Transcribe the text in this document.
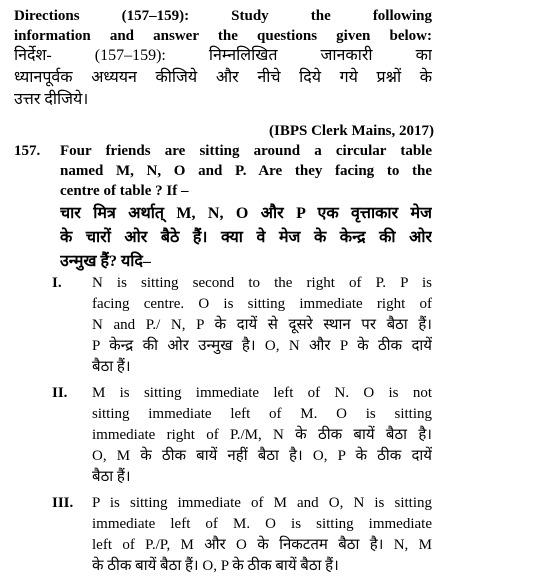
Directions (157–159): Study the following
information and answer the questions given below:
निर्देश- (157–159): निम्नलिखित जानकारी का
ध्यानपूर्वक अध्ययन कीजिये और नीचे दिये गये प्रश्नों के
उत्तर दीजिये।
(IBPS Clerk Mains, 2017)
157. Four friends are sitting around a circular table
named M, N, O and P. Are they facing to the
centre of table ? If –
चार मित्र अर्थात् M, N, O और P एक वृत्ताकार मेज
के चारों ओर बैठे हैं। क्या वे मेज के केन्द्र की ओर
उन्मुख हैं? यदि–
I.	N is sitting second to the right of P. P is
facing centre. O is sitting immediate right of
N and P./ N, P के दायें से दूसरे स्थान पर बैठा हैं।
P केन्द्र की ओर उन्मुख है। O, N और P के ठीक दायें
बैठा हैं।
II.	M is sitting immediate left of N. O is not
sitting immediate left of M. O is sitting
immediate right of P./M, N के ठीक बायें बैठा है।
O, M के ठीक बायें नहीं बैठा है। O, P के ठीक दायें
बैठा हैं।
III.	P is sitting immediate of M and O, N is sitting
immediate left of M. O is sitting immediate
left of P./P, M और O के निकटतम बैठा है। N, M
के ठीक बायें बैठा हैं। O, P के ठीक बायें बैठा हैं।
